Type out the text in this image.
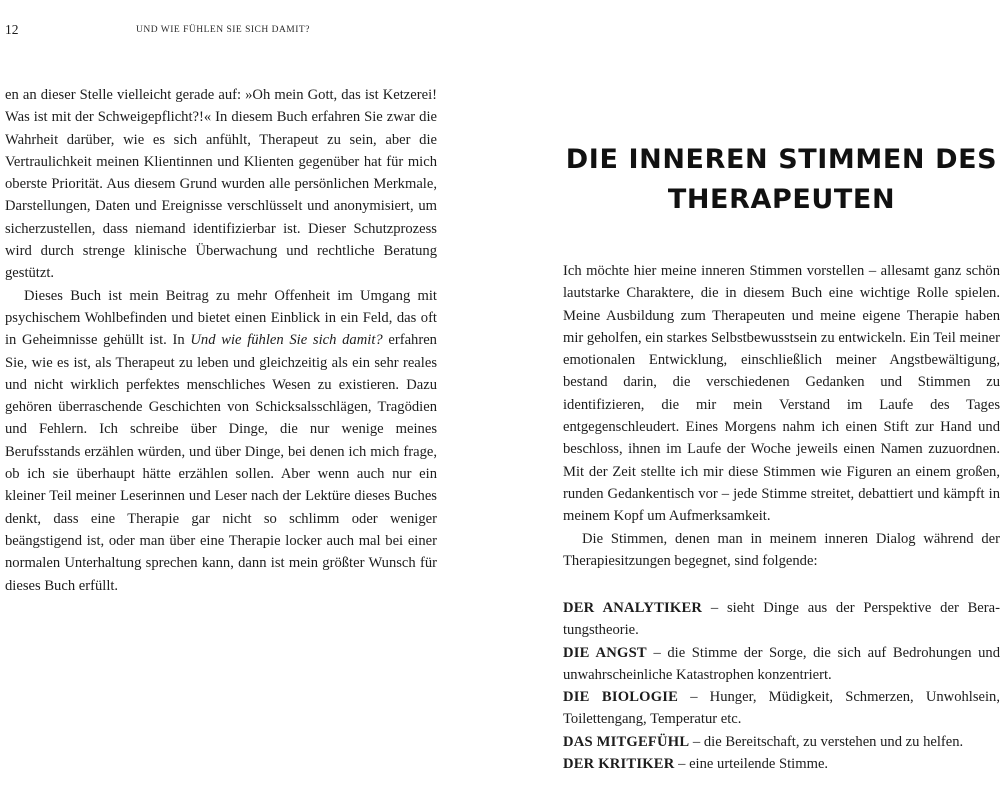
12	UND WIE FÜHLEN SIE SICH DAMIT?

en an dieser Stelle vielleicht gerade auf: »Oh mein Gott, das ist Ketzerei! Was ist mit der Schweigepflicht?!« In diesem Buch erfahren Sie zwar die Wahrheit darüber, wie es sich anfühlt, Therapeut zu sein, aber die Vertraulichkeit meinen Klientinnen und Klienten gegenüber hat für mich oberste Priorität. Aus diesem Grund wurden alle persönlichen Merkmale, Darstellungen, Daten und Ereignisse verschlüsselt und anonymisiert, um sicherzustellen, dass niemand identifizierbar ist. Dieser Schutzprozess wird durch strenge klinische Überwachung und rechtliche Beratung gestützt.

Dieses Buch ist mein Beitrag zu mehr Offenheit im Umgang mit psychischem Wohlbefinden und bietet einen Einblick in ein Feld, das oft in Geheimnisse gehüllt ist. In Und wie fühlen Sie sich damit? erfahren Sie, wie es ist, als Therapeut zu leben und gleichzeitig als ein sehr reales und nicht wirklich perfektes menschliches Wesen zu existieren. Dazu gehören überraschende Geschichten von Schicksalsschlägen, Tragödien und Fehlern. Ich schreibe über Dinge, die nur wenige meines Berufsstands erzählen würden, und über Dinge, bei denen ich mich frage, ob ich sie überhaupt hätte erzählen sollen. Aber wenn auch nur ein kleiner Teil meiner Leserinnen und Leser nach der Lektüre dieses Buches denkt, dass eine Therapie gar nicht so schlimm oder weniger beängstigend ist, oder man über eine Therapie locker auch mal bei einer normalen Unterhaltung sprechen kann, dann ist mein größter Wunsch für dieses Buch erfüllt.

DIE INNEREN STIMMEN DES
THERAPEUTEN

Ich möchte hier meine inneren Stimmen vorstellen – allesamt ganz schön lautstarke Charaktere, die in diesem Buch eine wichtige Rolle spielen. Meine Ausbildung zum Therapeuten und meine eigene Therapie haben mir geholfen, ein starkes Selbstbewusstsein zu entwickeln. Ein Teil meiner emotionalen Entwicklung, einschließlich meiner Angstbewältigung, bestand darin, die verschiedenen Gedanken und Stimmen zu identifizieren, die mir mein Verstand im Laufe des Tages entgegenschleudert. Eines Morgens nahm ich einen Stift zur Hand und beschloss, ihnen im Laufe der Woche jeweils einen Namen zuzuordnen. Mit der Zeit stellte ich mir diese Stimmen wie Figuren an einem großen, runden Gedankentisch vor – jede Stimme streitet, debattiert und kämpft in meinem Kopf um Aufmerksamkeit.

Die Stimmen, denen man in meinem inneren Dialog während der Therapiesitzungen begegnet, sind folgende:

DER ANALYTIKER – sieht Dinge aus der Perspektive der Beratungstheorie.

DIE ANGST – die Stimme der Sorge, die sich auf Bedrohungen und unwahrscheinliche Katastrophen konzentriert.

DIE BIOLOGIE – Hunger, Müdigkeit, Schmerzen, Unwohlsein, Toilettengang, Temperatur etc.

DAS MITGEFÜHL – die Bereitschaft, zu verstehen und zu helfen.

DER KRITIKER – eine urteilende Stimme.
